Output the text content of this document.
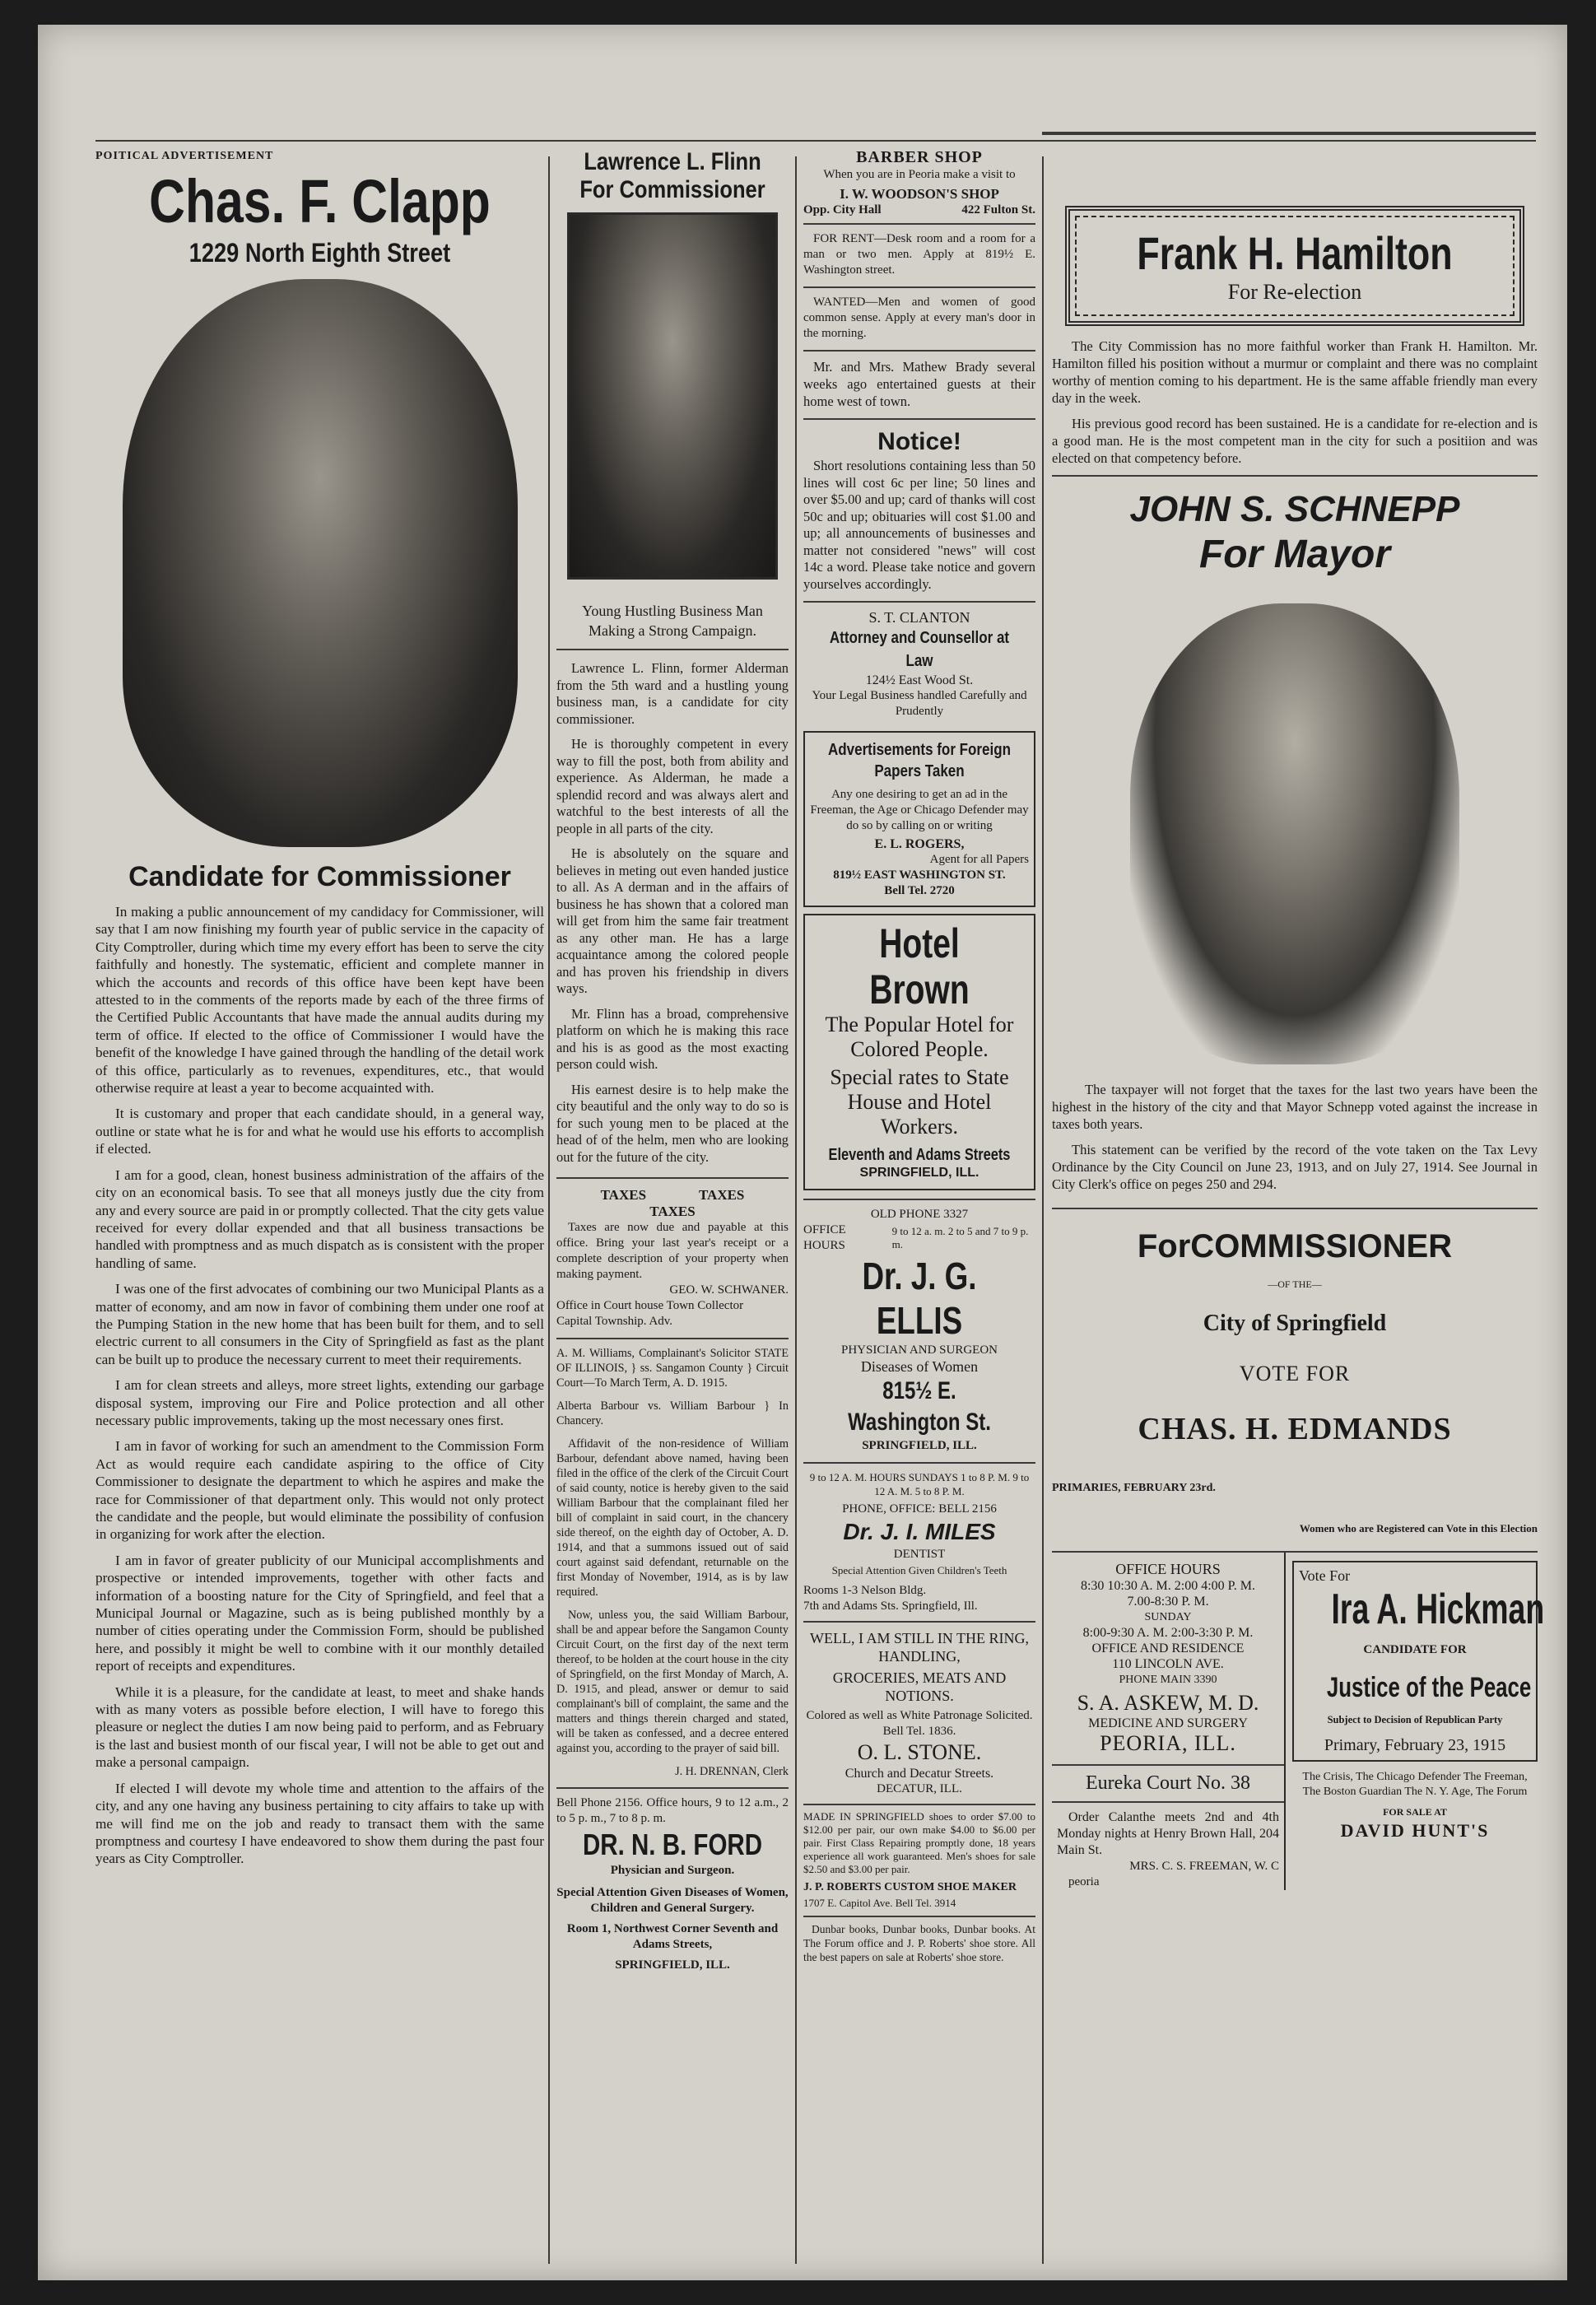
POITICAL ADVERTISEMENT
Chas. F. Clapp
1229 North Eighth Street
Candidate for Commissioner

In making a public announcement of my candidacy for Commissioner, will say that I am now finishing my fourth year of public service in the capacity of City Comptroller, during which time my every effort has been to serve the city faithfully and honestly. The systematic, efficient and complete manner in which the accounts and records of this office have been kept have been attested to in the comments of the reports made by each of the three firms of the Certified Public Accountants that have made the annual audits during my term of office. If elected to the office of Commissioner I would have the benefit of the knowledge I have gained through the handling of the detail work of this office, particularly as to revenues, expenditures, etc., that would otherwise require at least a year to become acquainted with.

It is customary and proper that each candidate should, in a general way, outline or state what he is for and what he would use his efforts to accomplish if elected.

I am for a good, clean, honest business administration of the affairs of the city on an economical basis. To see that all moneys justly due the city from any and every source are paid in or promptly collected. That the city gets value received for every dollar expended and that all business transactions be handled with promptness and as much dispatch as is consistent with the proper handling of same.

I was one of the first advocates of combining our two Municipal Plants as a matter of economy, and am now in favor of combining them under one roof at the Pumping Station in the new home that has been built for them, and to sell electric current to all consumers in the City of Springfield as fast as the plant can be built up to produce the necessary current to meet their requirements.

I am for clean streets and alleys, more street lights, extending our garbage disposal system, improving our Fire and Police protection and all other necessary public improvements, taking up the most necessary ones first.

I am in favor of working for such an amendment to the Commission Form Act as would require each candidate aspiring to the office of City Commissioner to designate the department to which he aspires and make the race for Commissioner of that department only. This would not only protect the candidate and the people, but would eliminate the possibility of confusion in organizing for work after the election.

I am in favor of greater publicity of our Municipal accomplishments and prospective or intended improvements, together with other facts and information of a boosting nature for the City of Springfield, and feel that a Municipal Journal or Magazine, such as is being published monthly by a number of cities operating under the Commission Form, should be published here, and possibly it might be well to combine with it our monthly detailed report of receipts and expenditures.

While it is a pleasure, for the candidate at least, to meet and shake hands with as many voters as possible before election, I will have to forego this pleasure or neglect the duties I am now being paid to perform, and as February is the last and busiest month of our fiscal year, I will not be able to get out and make a personal campaign.

If elected I will devote my whole time and attention to the affairs of the city, and any one having any business pertaining to city affairs to take up with me will find me on the job and ready to transact them with the same promptness and courtesy I have endeavored to show them during the past four years as City Comptroller.

Lawrence L. Flinn
For Commissioner
Young Hustling Business Man
Making a Strong Campaign.

Lawrence L. Flinn, former Alderman from the 5th ward and a hustling young business man, is a candidate for city commissioner.

He is thoroughly competent in every way to fill the post, both from ability and experience. As Alderman, he made a splendid record and was always alert and watchful to the best interests of all the people in all parts of the city.

He is absolutely on the square and believes in meting out even handed justice to all. As A derman and in the affairs of business he has shown that a colored man will get from him the same fair treatment as any other man. He has a large acquaintance among the colored people and has proven his friendship in divers ways.

Mr. Flinn has a broad, comprehensive platform on which he is making this race and his is as good as the most exacting person could wish.

His earnest desire is to help make the city beautiful and the only way to do so is for such young men to be placed at the head of of the helm, men who are looking out for the future of the city.

TAXES TAXES TAXES
Taxes are now due and payable at this office. Bring your last year's receipt or a complete description of your property when making payment.
GEO. W. SCHWANER.
Office in Court house Town Collector
Capital Township. Adv.

A. M. Williams, Complainant's Solicitor STATE OF ILLINOIS, } ss. Sangamon County } Circuit Court—To March Term, A. D. 1915.

Alberta Barbour vs. William Barbour } In Chancery.

Affidavit of the non-residence of William Barbour, defendant above named, having been filed in the office of the clerk of the Circuit Court of said county, notice is hereby given to the said William Barbour that the complainant filed her bill of complaint in said court, in the chancery side thereof, on the eighth day of October, A. D. 1914, and that a summons issued out of said court against said defendant, returnable on the first Monday of November, 1914, as is by law required.

Now, unless you, the said William Barbour, shall be and appear before the Sangamon County Circuit Court, on the first day of the next term thereof, to be holden at the court house in the city of Springfield, on the first Monday of March, A. D. 1915, and plead, answer or demur to said complainant's bill of complaint, the same and the matters and things therein charged and stated, will be taken as confessed, and a decree entered against you, according to the prayer of said bill.

J. H. DRENNAN, Clerk

Bell Phone 2156. Office hours, 9 to 12 a.m., 2 to 5 p. m., 7 to 8 p. m.
DR. N. B. FORD
Physician and Surgeon.
Special Attention Given Diseases of Women, Children and General Surgery.
Room 1, Northwest Corner Seventh and Adams Streets,
SPRINGFIELD, ILL.
BARBER SHOP
When you are in Peoria make a visit to
I. W. WOODSON'S SHOP
Opp. City Hall	422 Fulton St.
FOR RENT—Desk room and a room for a man or two men. Apply at 819½ E. Washington street.
WANTED—Men and women of good common sense. Apply at every man's door in the morning.
Mr. and Mrs. Mathew Brady several weeks ago entertained guests at their home west of town.
Notice!
Short resolutions containing less than 50 lines will cost 6c per line; 50 lines and over $5.00 and up; card of thanks will cost 50c and up; obituaries will cost $1.00 and up; all announcements of businesses and matter not considered "news" will cost 14c a word. Please take notice and govern yourselves accordingly.
S. T. CLANTON
Attorney and Counsellor at Law
124½ East Wood St.
Your Legal Business handled Carefully and Prudently
Advertisements for Foreign Papers Taken
Any one desiring to get an ad in the Freeman, the Age or Chicago Defender may do so by calling on or writing
E. L. ROGERS,
Agent for all Papers
819½ EAST WASHINGTON ST.
Bell Tel. 2720
Hotel Brown
The Popular Hotel for Colored People.
Special rates to State House and Hotel Workers.
Eleventh and Adams Streets
SPRINGFIELD, ILL.
OLD PHONE 3327
OFFICE HOURS
9 to 12 a. m. 2 to 5 and 7 to 9 p. m.
Dr. J. G. ELLIS
PHYSICIAN AND SURGEON
Diseases of Women
815½ E. Washington St.
SPRINGFIELD, ILL.
9 to 12 A. M. HOURS SUNDAYS 1 to 8 P. M. 9 to 12 A. M. 5 to 8 P. M.
PHONE, OFFICE: BELL 2156
Dr. J. I. MILES
DENTIST
Special Attention Given Children's Teeth
Rooms 1-3 Nelson Bldg.
7th and Adams Sts. Springfield, Ill.
WELL, I AM STILL IN THE RING, HANDLING,
GROCERIES, MEATS AND NOTIONS.
Colored as well as White Patronage Solicited. Bell Tel. 1836.
O. L. STONE.
Church and Decatur Streets.
DECATUR, ILL.
MADE IN SPRINGFIELD shoes to order $7.00 to $12.00 per pair, our own make $4.00 to $6.00 per pair. First Class Repairing promptly done, 18 years experience all work guaranteed. Men's shoes for sale $2.50 and $3.00 per pair.
J. P. ROBERTS CUSTOM SHOE MAKER
1707 E. Capitol Ave. Bell Tel. 3914
Dunbar books, Dunbar books, Dunbar books. At The Forum office and J. P. Roberts' shoe store. All the best papers on sale at Roberts' shoe store.
Frank H. Hamilton
For Re-election

The City Commission has no more faithful worker than Frank H. Hamilton. Mr. Hamilton filled his position without a murmur or complaint and there was no complaint worthy of mention coming to his department. He is the same affable friendly man every day in the week.

His previous good record has been sustained. He is a candidate for re-election and is a good man. He is the most competent man in the city for such a positiion and was elected on that competency before.

JOHN S. SCHNEPP
For Mayor

The taxpayer will not forget that the taxes for the last two years have been the highest in the history of the city and that Mayor Schnepp voted against the increase in taxes both years.

This statement can be verified by the record of the vote taken on the Tax Levy Ordinance by the City Council on June 23, 1913, and on July 27, 1914. See Journal in City Clerk's office on peges 250 and 294.

ForCOMMISSIONER
—OF THE—
City of Springfield
VOTE FOR
CHAS. H. EDMANDS
PRIMARIES, FEBRUARY 23rd.
Women who are Registered can Vote in this Election
OFFICE HOURS
8:30 10:30 A. M. 2:00 4:00 P. M.
7.00-8:30 P. M.
SUNDAY
8:00-9:30 A. M. 2:00-3:30 P. M.
OFFICE AND RESIDENCE
110 LINCOLN AVE.
PHONE MAIN 3390
S. A. ASKEW, M. D.
MEDICINE AND SURGERY
PEORIA, ILL.
Eureka Court No. 38
Order Calanthe meets 2nd and 4th Monday nights at Henry Brown Hall, 204 Main St.
MRS. C. S. FREEMAN, W. C
peoria
Vote For
Ira A. Hickman
CANDIDATE FOR
Justice of the Peace
Subject to Decision of Republican Party
Primary, February 23, 1915
The Crisis, The Chicago Defender The Freeman, The Boston Guardian The N. Y. Age, The Forum
FOR SALE AT
DAVID HUNT'S
